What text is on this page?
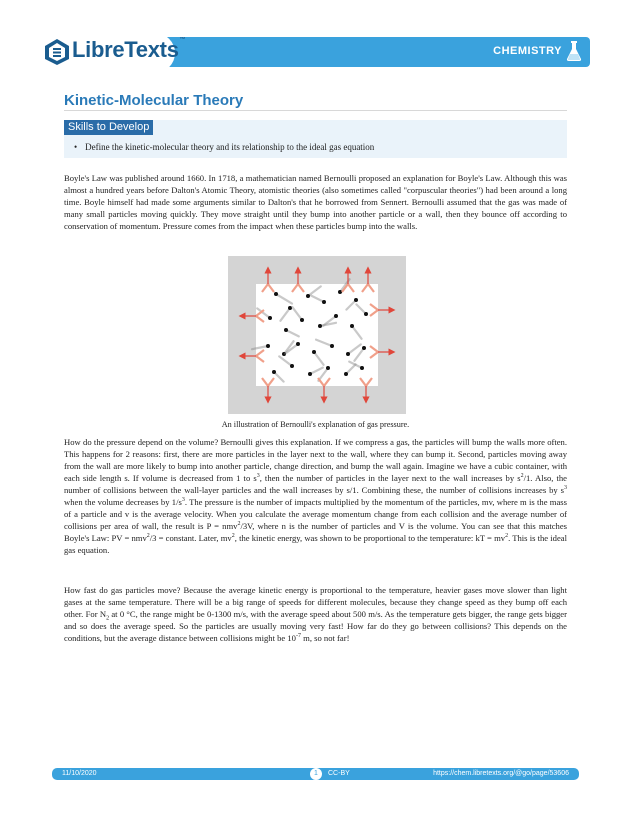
LibreTexts™
CHEMISTRY
Kinetic-Molecular Theory
Skills to Develop
• Define the kinetic-molecular theory and its relationship to the ideal gas equation

Boyle's Law was published around 1660. In 1718, a mathematician named Bernoulli proposed an explanation for Boyle's Law. Although this was almost a hundred years before Dalton's Atomic Theory, atomistic theories (also sometimes called "corpuscular theories") had been around a long time. Boyle himself had made some arguments similar to Dalton's that he borrowed from Sennert. Bernoulli assumed that the gas was made of many small particles moving quickly. They move straight until they bump into another particle or a wall, then they bounce off according to conservation of momentum. Pressure comes from the impact when these particles bump into the walls.

An illustration of Bernoulli's explanation of gas pressure.

How do the pressure depend on the volume? Bernoulli gives this explanation. If we compress a gas, the particles will bump the walls more often. This happens for 2 reasons: first, there are more particles in the layer next to the wall, where they can bump it. Second, particles moving away from the wall are more likely to bump into another particle, change direction, and bump the wall again. Imagine we have a cubic container, with each side length s. If volume is decreased from 1 to $s^3$, then the number of particles in the layer next to the wall increases by $s^2/1$. Also, the number of collisions between the wall-layer particles and the wall increases by s/1. Combining these, the number of collisions increases by $s^3$ when the volume decreases by $1/s^3$. The pressure is the number of impacts multiplied by the momentum of the particles, mv, where m is the mass of a particle and v is the average velocity. When you calculate the average momentum change from each collision and the average number of collisions per area of wall, the result is P = nmv$^2$/3V, where n is the number of particles and V is the volume. You can see that this matches Boyle's Law: PV = nmv$^2$/3 = constant. Later, $mv^2$, the kinetic energy, was shown to be proportional to the temperature: kT = $mv^2$. This is the ideal gas equation.

How fast do gas particles move? Because the average kinetic energy is proportional to the temperature, heavier gases move slower than light gases at the same temperature. There will be a big range of speeds for different molecules, because they change speed as they bump off each other. For $N_2$ at 0 °C, the range might be 0-1300 m/s, with the average speed about 500 m/s. As the temperature gets bigger, the range gets bigger and so does the average speed. So the particles are usually moving very fast! How far do they go between collisions? This depends on the conditions, but the average distance between collisions might be $10^{-7}$ m, so not far!

11/10/2020	1	CC-BY	https://chem.libretexts.org/@go/page/53606
